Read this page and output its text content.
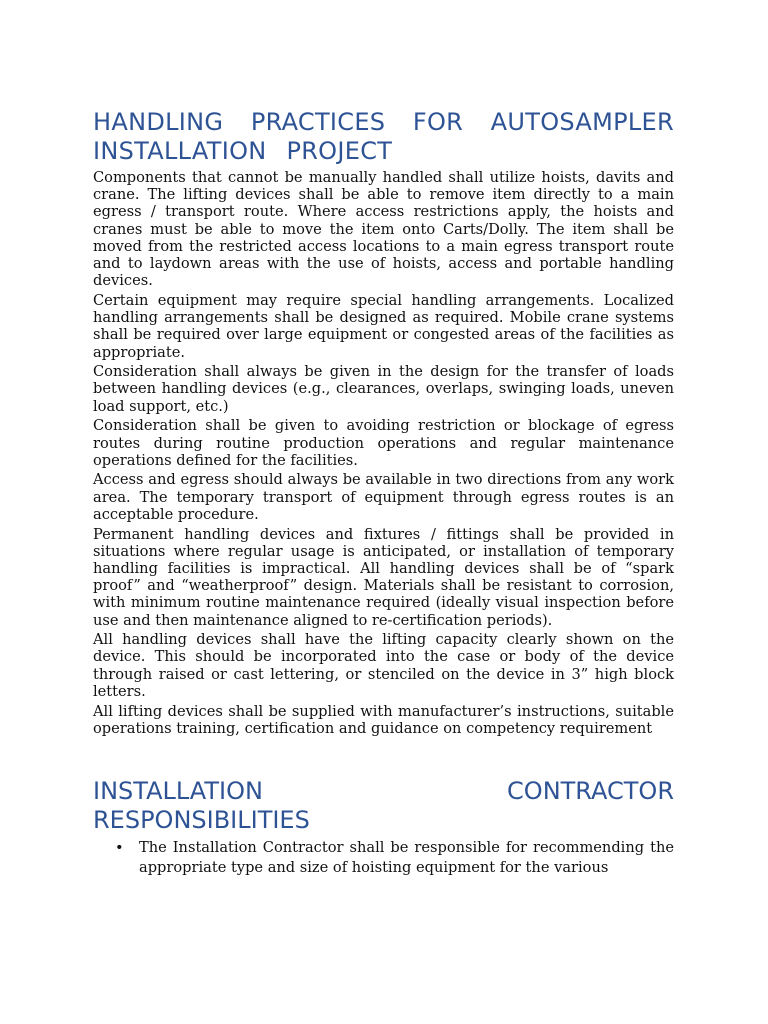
HANDLING PRACTICES FOR AUTOSAMPLER INSTALLATION PROJECT

Components that cannot be manually handled shall utilize hoists, davits and crane. The lifting devices shall be able to remove item directly to a main egress / transport route. Where access restrictions apply, the hoists and cranes must be able to move the item onto Carts/Dolly. The item shall be moved from the restricted access locations to a main egress transport route and to laydown areas with the use of hoists, access and portable handling devices.

Certain equipment may require special handling arrangements. Localized handling arrangements shall be designed as required. Mobile crane systems shall be required over large equipment or congested areas of the facilities as appropriate.

Consideration shall always be given in the design for the transfer of loads between handling devices (e.g., clearances, overlaps, swinging loads, uneven load support, etc.)

Consideration shall be given to avoiding restriction or blockage of egress routes during routine production operations and regular maintenance operations defined for the facilities.

Access and egress should always be available in two directions from any work area. The temporary transport of equipment through egress routes is an acceptable procedure.

Permanent handling devices and fixtures / fittings shall be provided in situations where regular usage is anticipated, or installation of temporary handling facilities is impractical. All handling devices shall be of “spark proof” and “weatherproof” design. Materials shall be resistant to corrosion, with minimum routine maintenance required (ideally visual inspection before use and then maintenance aligned to re-certification periods).

All handling devices shall have the lifting capacity clearly shown on the device. This should be incorporated into the case or body of the device through raised or cast lettering, or stenciled on the device in 3” high block letters.

All lifting devices shall be supplied with manufacturer’s instructions, suitable operations training, certification and guidance on competency requirement

INSTALLATION	CONTRACTOR
RESPONSIBILITIES
• The Installation Contractor shall be responsible for recommending the appropriate type and size of hoisting equipment for the various
